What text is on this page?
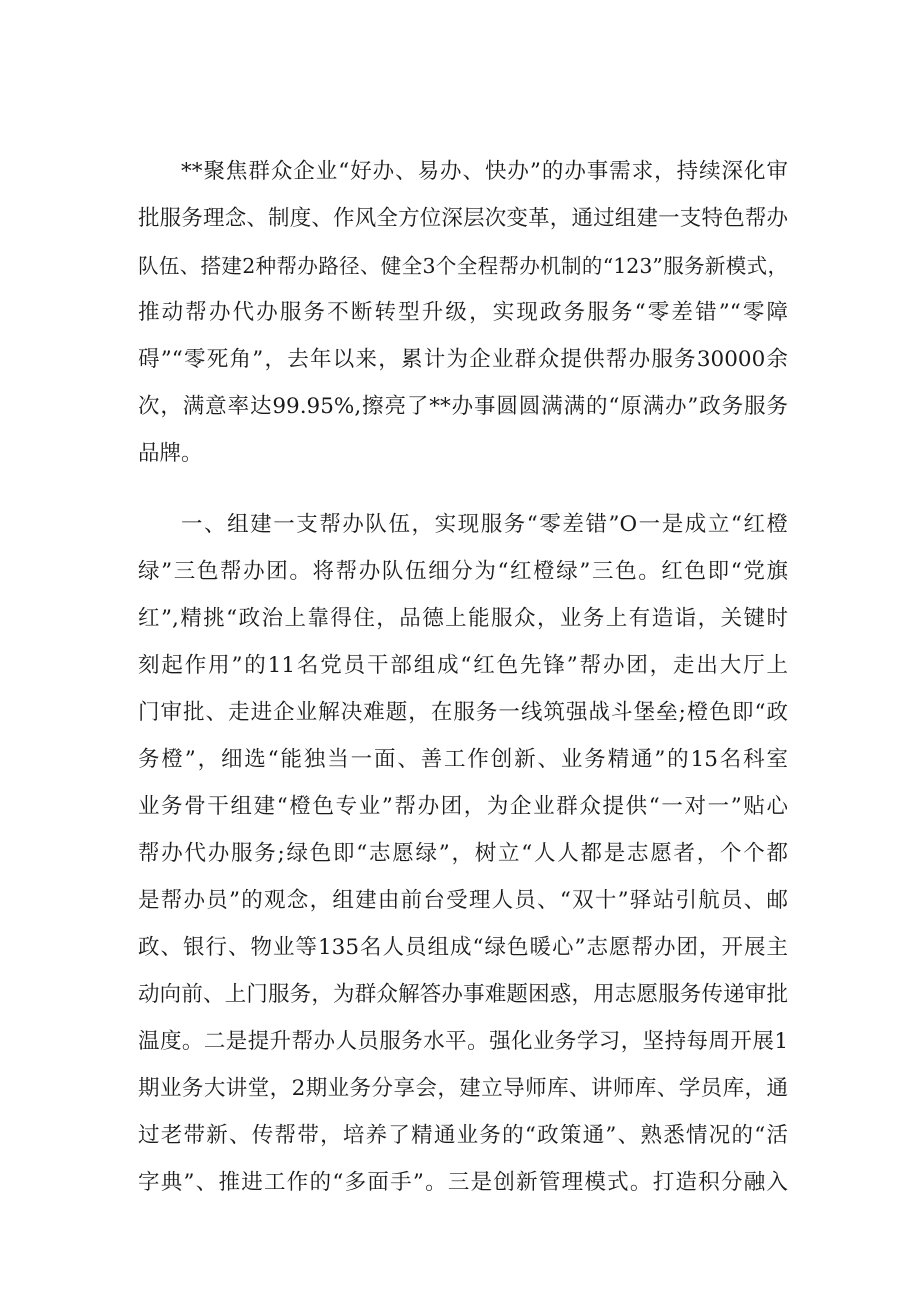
**聚焦群众企业“好办、易办、快办”的办事需求，持续深化审
批服务理念、制度、作风全方位深层次变革，通过组建一支特色帮办
队伍、搭建2种帮办路径、健全3个全程帮办机制的“123”服务新模式，
推动帮办代办服务不断转型升级，实现政务服务“零差错”“零障
碍”“零死角”，去年以来，累计为企业群众提供帮办服务30000余
次，满意率达99.95%,擦亮了**办事圆圆满满的“原满办”政务服务
品牌。
一、组建一支帮办队伍，实现服务“零差错”O一是成立“红橙
绿”三色帮办团。将帮办队伍细分为“红橙绿”三色。红色即“党旗
红”,精挑“政治上靠得住，品德上能服众，业务上有造诣，关键时
刻起作用”的11名党员干部组成“红色先锋”帮办团，走出大厅上
门审批、走进企业解决难题，在服务一线筑强战斗堡垒;橙色即“政
务橙”，细选“能独当一面、善工作创新、业务精通”的15名科室
业务骨干组建“橙色专业”帮办团，为企业群众提供“一对一”贴心
帮办代办服务;绿色即“志愿绿”，树立“人人都是志愿者，个个都
是帮办员”的观念，组建由前台受理人员、“双十”驿站引航员、邮
政、银行、物业等135名人员组成“绿色暖心”志愿帮办团，开展主
动向前、上门服务，为群众解答办事难题困惑，用志愿服务传递审批
温度。二是提升帮办人员服务水平。强化业务学习，坚持每周开展1
期业务大讲堂，2期业务分享会，建立导师库、讲师库、学员库，通
过老带新、传帮带，培养了精通业务的“政策通”、熟悉情况的“活
字典”、推进工作的“多面手”。三是创新管理模式。打造积分融入
